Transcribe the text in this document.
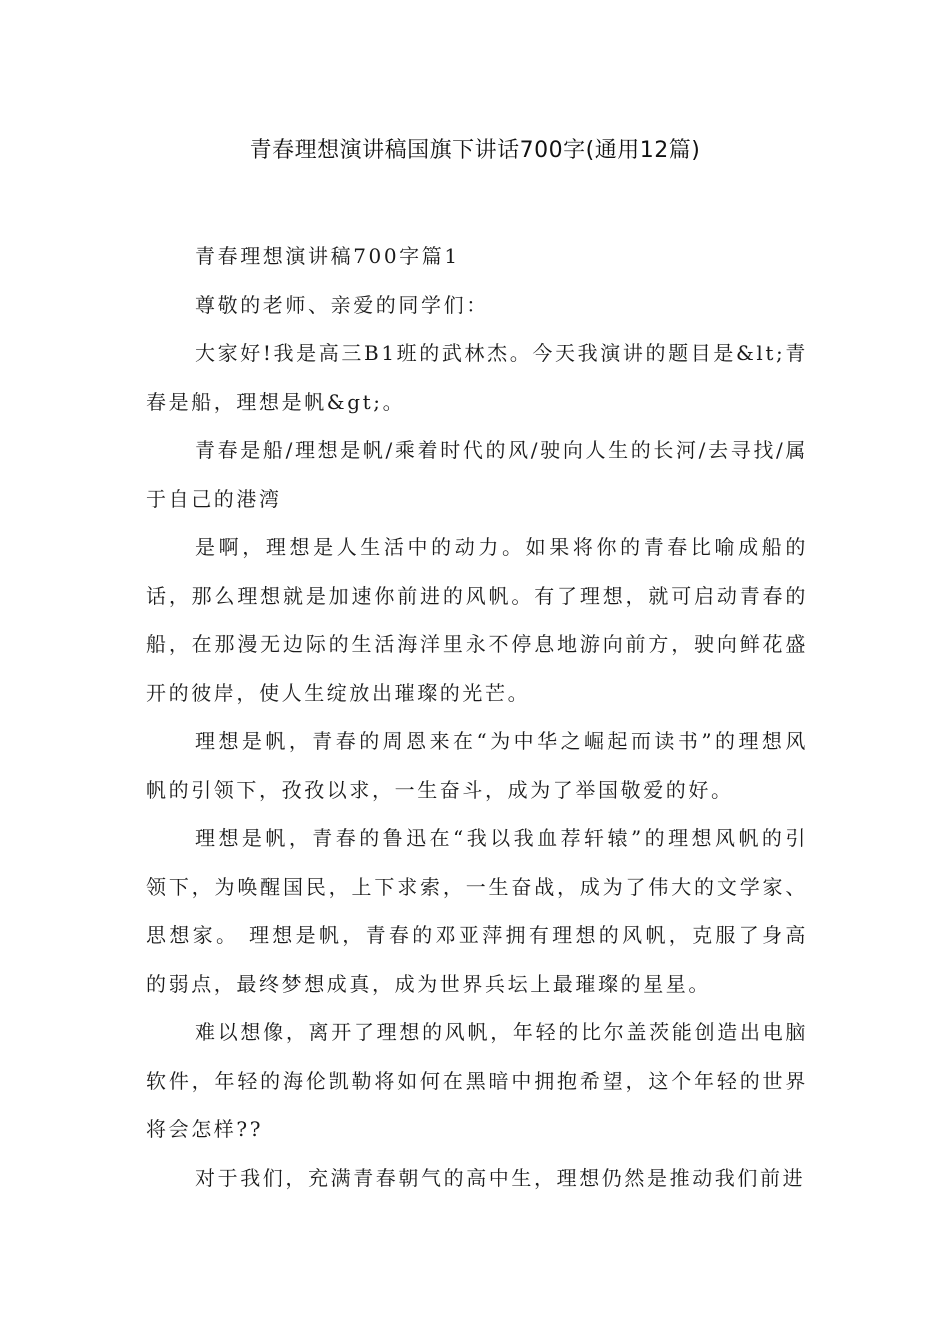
青春理想演讲稿国旗下讲话700字(通用12篇)

青春理想演讲稿700字篇1

尊敬的老师、亲爱的同学们：

大家好!我是高三B1班的武林杰。今天我演讲的题目是&lt;青春是船，理想是帆&gt;。

青春是船/理想是帆/乘着时代的风/驶向人生的长河/去寻找/属于自己的港湾

是啊，理想是人生活中的动力。如果将你的青春比喻成船的话，那么理想就是加速你前进的风帆。有了理想，就可启动青春的船，在那漫无边际的生活海洋里永不停息地游向前方，驶向鲜花盛开的彼岸，使人生绽放出璀璨的光芒。

理想是帆，青春的周恩来在“为中华之崛起而读书”的理想风帆的引领下，孜孜以求，一生奋斗，成为了举国敬爱的好。

理想是帆，青春的鲁迅在“我以我血荐轩辕”的理想风帆的引领下，为唤醒国民，上下求索，一生奋战，成为了伟大的文学家、思想家。 理想是帆，青春的邓亚萍拥有理想的风帆，克服了身高的弱点，最终梦想成真，成为世界兵坛上最璀璨的星星。

难以想像，离开了理想的风帆，年轻的比尔盖茨能创造出电脑软件，年轻的海伦凯勒将如何在黑暗中拥抱希望，这个年轻的世界将会怎样??

对于我们，充满青春朝气的高中生，理想仍然是推动我们前进
